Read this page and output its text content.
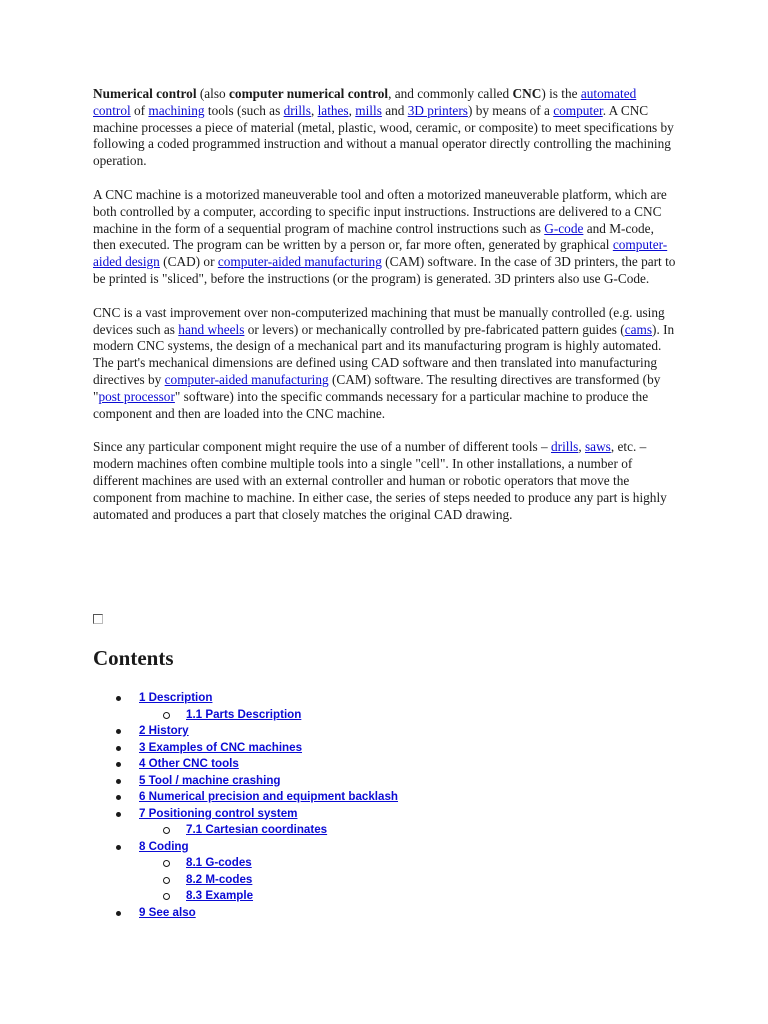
Numerical control (also computer numerical control, and commonly called CNC) is the automated control of machining tools (such as drills, lathes, mills and 3D printers) by means of a computer. A CNC machine processes a piece of material (metal, plastic, wood, ceramic, or composite) to meet specifications by following a coded programmed instruction and without a manual operator directly controlling the machining operation.

A CNC machine is a motorized maneuverable tool and often a motorized maneuverable platform, which are both controlled by a computer, according to specific input instructions. Instructions are delivered to a CNC machine in the form of a sequential program of machine control instructions such as G-code and M-code, then executed. The program can be written by a person or, far more often, generated by graphical computer-aided design (CAD) or computer-aided manufacturing (CAM) software. In the case of 3D printers, the part to be printed is "sliced", before the instructions (or the program) is generated. 3D printers also use G-Code.

CNC is a vast improvement over non-computerized machining that must be manually controlled (e.g. using devices such as hand wheels or levers) or mechanically controlled by pre-fabricated pattern guides (cams). In modern CNC systems, the design of a mechanical part and its manufacturing program is highly automated. The part's mechanical dimensions are defined using CAD software and then translated into manufacturing directives by computer-aided manufacturing (CAM) software. The resulting directives are transformed (by "post processor" software) into the specific commands necessary for a particular machine to produce the component and then are loaded into the CNC machine.

Since any particular component might require the use of a number of different tools – drills, saws, etc. – modern machines often combine multiple tools into a single "cell". In other installations, a number of different machines are used with an external controller and human or robotic operators that move the component from machine to machine. In either case, the series of steps needed to produce any part is highly automated and produces a part that closely matches the original CAD drawing.

Contents
1 Description
1.1 Parts Description
2 History
3 Examples of CNC machines
4 Other CNC tools
5 Tool / machine crashing
6 Numerical precision and equipment backlash
7 Positioning control system
7.1 Cartesian coordinates
8 Coding
8.1 G-codes
8.2 M-codes
8.3 Example
9 See also
